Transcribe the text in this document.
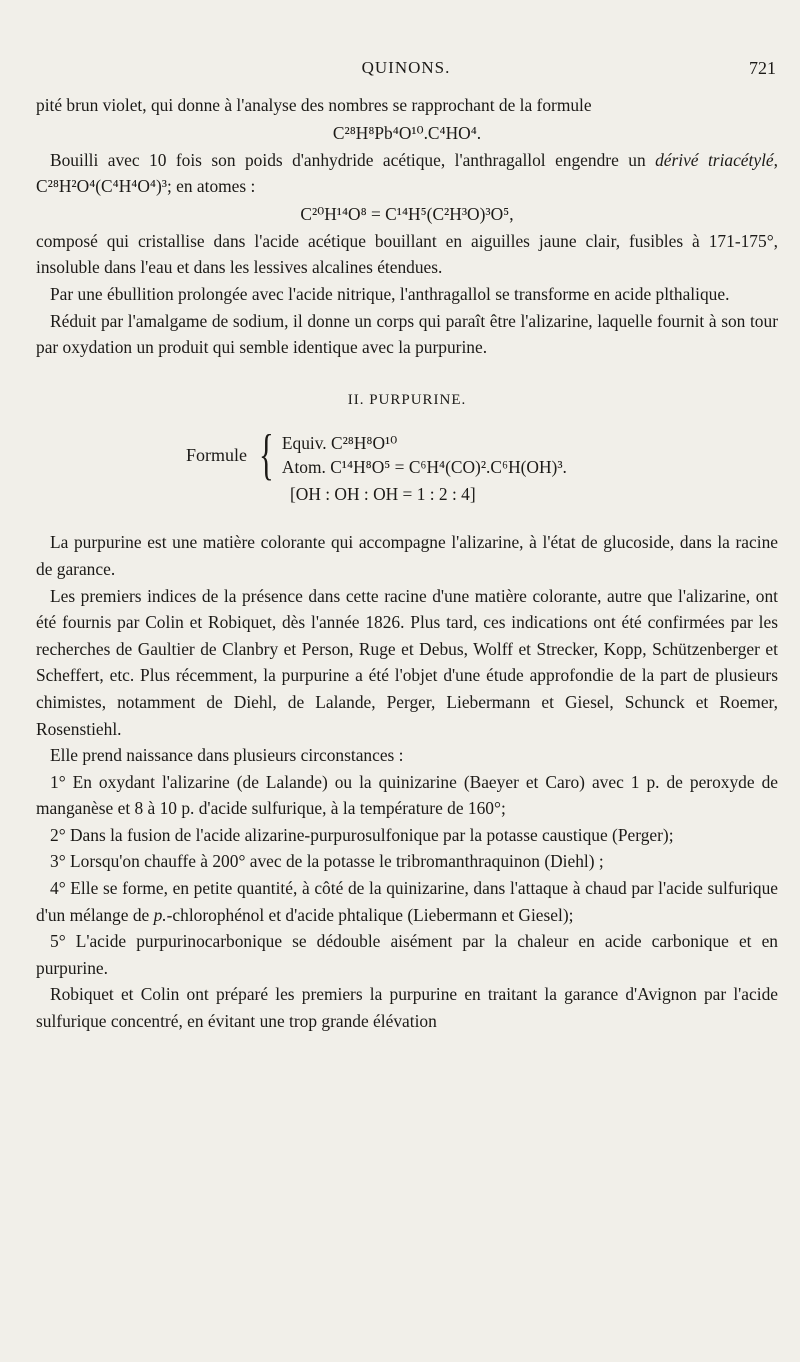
QUINONS.	721

pité brun violet, qui donne à l'analyse des nombres se rapprochant de la formule

C²⁸H⁸Pb⁴O¹⁰.C⁴HO⁴.

Bouilli avec 10 fois son poids d'anhydride acétique, l'anthragallol engendre un dérivé triacétylé, C²⁸H²O⁴(C⁴H⁴O⁴)³; en atomes :

C²⁰H¹⁴O⁸ = C¹⁴H⁵(C²H³O)³O⁵,

composé qui cristallise dans l'acide acétique bouillant en aiguilles jaune clair, fusibles à 171-175°, insoluble dans l'eau et dans les lessives alcalines étendues.

Par une ébullition prolongée avec l'acide nitrique, l'anthragallol se transforme en acide plthalique.

Réduit par l'amalgame de sodium, il donne un corps qui paraît être l'alizarine, laquelle fournit à son tour par oxydation un produit qui semble identique avec la purpurine.

II. PURPURINE.
Formule { Equiv. C²⁸H⁸O¹⁰
Atom. C¹⁴H⁸O⁵ = C⁶H⁴(CO)².C⁶H(OH)³.
[OH : OH : OH = 1 : 2 : 4]

La purpurine est une matière colorante qui accompagne l'alizarine, à l'état de glucoside, dans la racine de garance.

Les premiers indices de la présence dans cette racine d'une matière colorante, autre que l'alizarine, ont été fournis par Colin et Robiquet, dès l'année 1826. Plus tard, ces indications ont été confirmées par les recherches de Gaultier de Clanbry et Person, Ruge et Debus, Wolff et Strecker, Kopp, Schützenberger et Scheffert, etc. Plus récemment, la purpurine a été l'objet d'une étude approfondie de la part de plusieurs chimistes, notamment de Diehl, de Lalande, Perger, Liebermann et Giesel, Schunck et Roemer, Rosenstiehl.

Elle prend naissance dans plusieurs circonstances :

1° En oxydant l'alizarine (de Lalande) ou la quinizarine (Baeyer et Caro) avec 1 p. de peroxyde de manganèse et 8 à 10 p. d'acide sulfurique, à la température de 160°;

2° Dans la fusion de l'acide alizarine-purpurosulfonique par la potasse caustique (Perger);

3° Lorsqu'on chauffe à 200° avec de la potasse le tribromanthraquinon (Diehl) ;

4° Elle se forme, en petite quantité, à côté de la quinizarine, dans l'attaque à chaud par l'acide sulfurique d'un mélange de p.-chlorophénol et d'acide phtalique (Liebermann et Giesel);

5° L'acide purpurinocarbonique se dédouble aisément par la chaleur en acide carbonique et en purpurine.

Robiquet et Colin ont préparé les premiers la purpurine en traitant la garance d'Avignon par l'acide sulfurique concentré, en évitant une trop grande élévation
